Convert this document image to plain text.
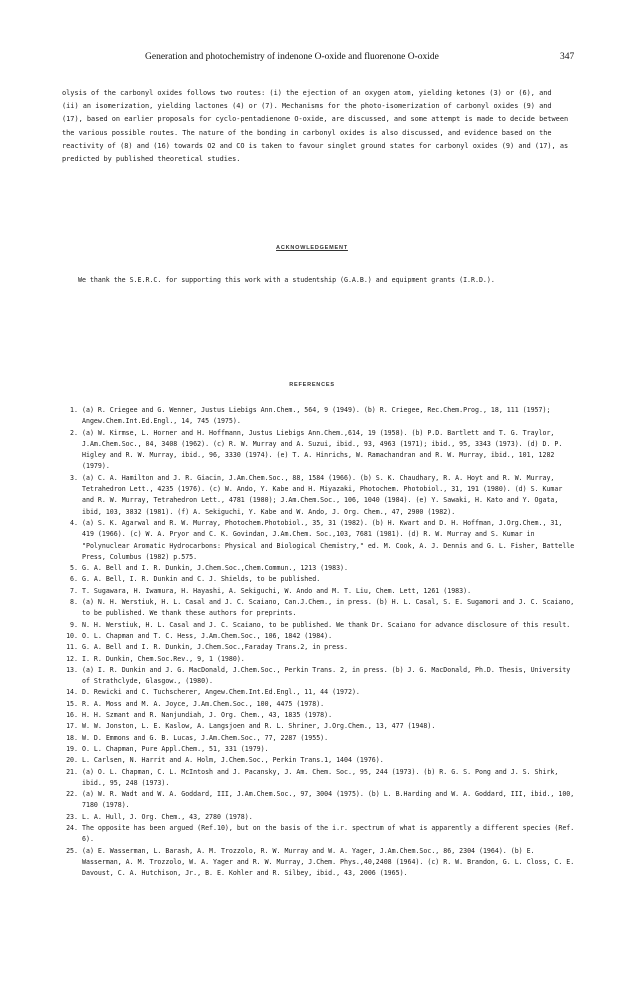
Generation and photochemistry of indenone O-oxide and fluorenone O-oxide	347

olysis of the carbonyl oxides follows two routes: (i) the ejection of an oxygen atom, yielding ketones (3) or (6), and (ii) an isomerization, yielding lactones (4) or (7). Mechanisms for the photo-isomerization of carbonyl oxides (9) and (17), based on earlier proposals for cyclo-pentadienone O-oxide, are discussed, and some attempt is made to decide between the various possible routes. The nature of the bonding in carbonyl oxides is also discussed, and evidence based on the reactivity of (8) and (16) towards O2 and CO is taken to favour singlet ground states for carbonyl oxides (9) and (17), as predicted by published theoretical studies.

ACKNOWLEDGEMENT

We thank the S.E.R.C. for supporting this work with a studentship (G.A.B.) and equipment grants (I.R.D.).

REFERENCES
1. (a) R. Criegee and G. Wenner, Justus Liebigs Ann.Chem., 564, 9 (1949). (b) R. Criegee, Rec.Chem.Prog., 18, 111 (1957); Angew.Chem.Int.Ed.Engl., 14, 745 (1975).
2. (a) W. Kirmse, L. Horner and H. Hoffmann, Justus Liebigs Ann.Chem.,614, 19 (1958). (b) P.D. Bartlett and T. G. Traylor, J.Am.Chem.Soc., 84, 3408 (1962). (c) R. W. Murray and A. Suzui, ibid., 93, 4963 (1971); ibid., 95, 3343 (1973). (d) D. P. Higley and R. W. Murray, ibid., 96, 3330 (1974). (e) T. A. Hinrichs, W. Ramachandran and R. W. Murray, ibid., 101, 1282 (1979).
3. (a) C. A. Hamilton and J. R. Giacin, J.Am.Chem.Soc., 88, 1584 (1966). (b) S. K. Chaudhary, R. A. Hoyt and R. W. Murray, Tetrahedron Lett., 4235 (1976). (c) W. Ando, Y. Kabe and H. Miyazaki, Photochem. Photobiol., 31, 191 (1980). (d) S. Kumar and R. W. Murray, Tetrahedron Lett., 4781 (1980); J.Am.Chem.Soc., 106, 1040 (1984). (e) Y. Sawaki, H. Kato and Y. Ogata, ibid, 103, 3832 (1981). (f) A. Sekiguchi, Y. Kabe and W. Ando, J. Org. Chem., 47, 2900 (1982).
4. (a) S. K. Agarwal and R. W. Murray, Photochem.Photobiol., 35, 31 (1982). (b) H. Kwart and D. H. Hoffman, J.Org.Chem., 31, 419 (1966). (c) W. A. Pryor and C. K. Govindan, J.Am.Chem. Soc.,103, 7681 (1981). (d) R. W. Murray and S. Kumar in "Polynuclear Aromatic Hydrocarbons: Physical and Biological Chemistry," ed. M. Cook, A. J. Dennis and G. L. Fisher, Battelle Press, Columbus (1982) p.575.
5. G. A. Bell and I. R. Dunkin, J.Chem.Soc.,Chem.Commun., 1213 (1983).
6. G. A. Bell, I. R. Dunkin and C. J. Shields, to be published.
7. T. Sugawara, H. Iwamura, H. Hayashi, A. Sekiguchi, W. Ando and M. T. Liu, Chem. Lett, 1261 (1983).
8. (a) N. H. Werstiuk, H. L. Casal and J. C. Scaiano, Can.J.Chem., in press. (b) H. L. Casal, S. E. Sugamori and J. C. Scaiano, to be published. We thank these authors for preprints.
9. N. H. Werstiuk, H. L. Casal and J. C. Scaiano, to be published. We thank Dr. Scaiano for advance disclosure of this result.
10. O. L. Chapman and T. C. Hess, J.Am.Chem.Soc., 106, 1842 (1984).
11. G. A. Bell and I. R. Dunkin, J.Chem.Soc.,Faraday Trans.2, in press.
12. I. R. Dunkin, Chem.Soc.Rev., 9, 1 (1980).
13. (a) I. R. Dunkin and J. G. MacDonald, J.Chem.Soc., Perkin Trans. 2, in press. (b) J. G. MacDonald, Ph.D. Thesis, University of Strathclyde, Glasgow., (1980).
14. D. Rewicki and C. Tuchscherer, Angew.Chem.Int.Ed.Engl., 11, 44 (1972).
15. R. A. Moss and M. A. Joyce, J.Am.Chem.Soc., 100, 4475 (1978).
16. H. H. Szmant and R. Nanjundiah, J. Org. Chem., 43, 1835 (1978).
17. W. W. Jonston, L. E. Kaslow, A. Langsjoen and R. L. Shriner, J.Org.Chem., 13, 477 (1948).
18. W. D. Emmons and G. B. Lucas, J.Am.Chem.Soc., 77, 2287 (1955).
19. O. L. Chapman, Pure Appl.Chem., 51, 331 (1979).
20. L. Carlsen, N. Harrit and A. Holm, J.Chem.Soc., Perkin Trans.1, 1404 (1976).
21. (a) O. L. Chapman, C. L. McIntosh and J. Pacansky, J. Am. Chem. Soc., 95, 244 (1973). (b) R. G. S. Pong and J. S. Shirk, ibid., 95, 248 (1973).
22. (a) W. R. Wadt and W. A. Goddard, III, J.Am.Chem.Soc., 97, 3004 (1975). (b) L. B.Harding and W. A. Goddard, III, ibid., 100, 7180 (1978).
23. L. A. Hull, J. Org. Chem., 43, 2780 (1978).
24. The opposite has been argued (Ref.10), but on the basis of the i.r. spectrum of what is apparently a different species (Ref. 6).
25. (a) E. Wasserman, L. Barash, A. M. Trozzolo, R. W. Murray and W. A. Yager, J.Am.Chem.Soc., 86, 2304 (1964). (b) E. Wasserman, A. M. Trozzolo, W. A. Yager and R. W. Murray, J.Chem. Phys.,40,2408 (1964). (c) R. W. Brandon, G. L. Closs, C. E. Davoust, C. A. Hutchison, Jr., B. E. Kohler and R. Silbey, ibid., 43, 2006 (1965).
